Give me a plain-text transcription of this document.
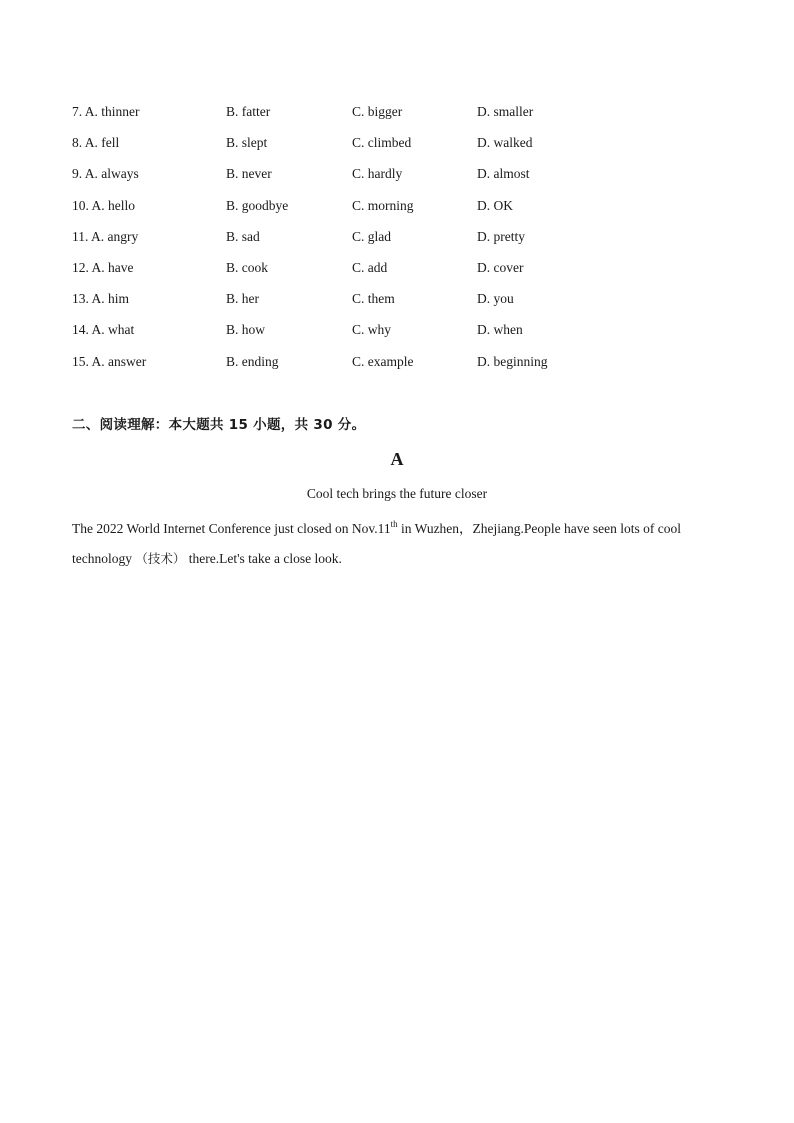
7. A. thinner	B. fatter	C. bigger	D. smaller
8. A. fell	B. slept	C. climbed	D. walked
9. A. always	B. never	C. hardly	D. almost
10. A. hello	B. goodbye	C. morning	D. OK
11. A. angry	B. sad	C. glad	D. pretty
12. A. have	B. cook	C. add	D. cover
13. A. him	B. her	C. them	D. you
14. A. what	B. how	C. why	D. when
15. A. answer	B. ending	C. example	D. beginning
二、阅读理解：本大题共 15 小题，共 30 分。
A
Cool tech brings the future closer
The 2022 World Internet Conference just closed on Nov.11th in Wuzhen，Zhejiang.People have seen lots of cool
technology （技术） there.Let's take a close look.
